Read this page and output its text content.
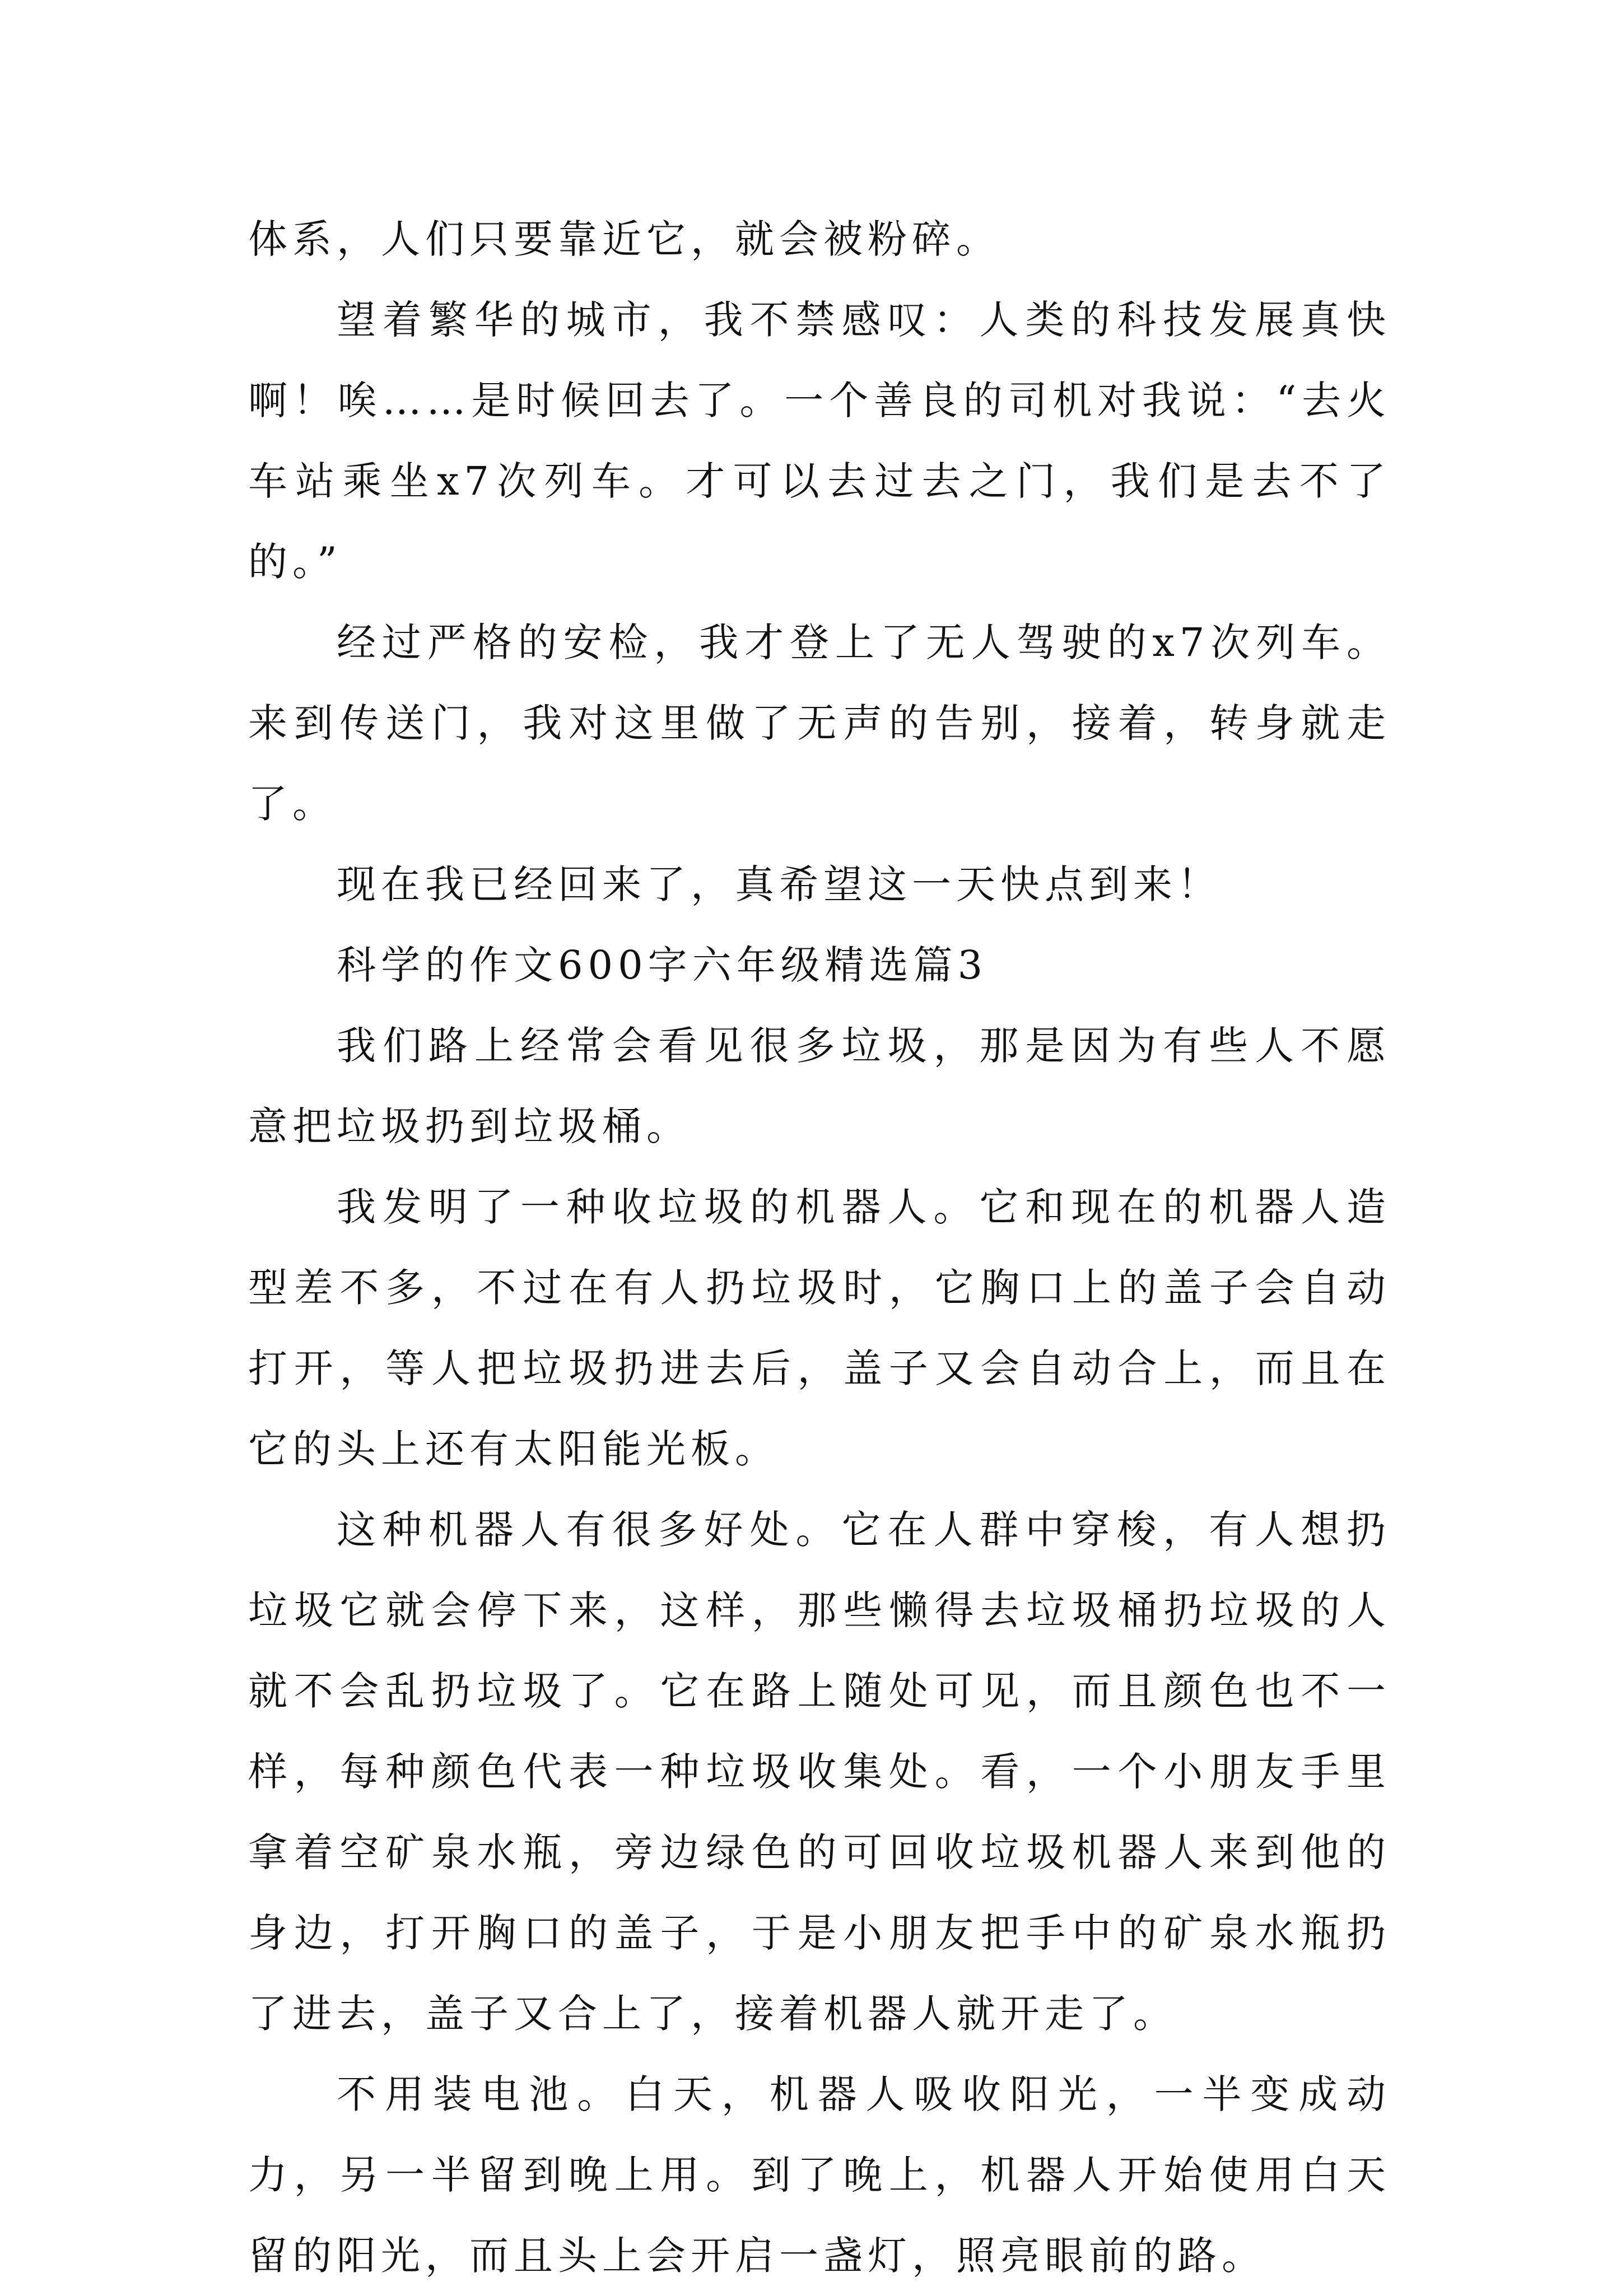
体系，人们只要靠近它，就会被粉碎。

望着繁华的城市，我不禁感叹：人类的科技发展真快啊！唉……是时候回去了。一个善良的司机对我说：“去火车站乘坐x7次列车。才可以去过去之门，我们是去不了的。”

经过严格的安检，我才登上了无人驾驶的x7次列车。来到传送门，我对这里做了无声的告别，接着，转身就走了。

现在我已经回来了，真希望这一天快点到来！

科学的作文600字六年级精选篇3

我们路上经常会看见很多垃圾，那是因为有些人不愿意把垃圾扔到垃圾桶。

我发明了一种收垃圾的机器人。它和现在的机器人造型差不多，不过在有人扔垃圾时，它胸口上的盖子会自动打开，等人把垃圾扔进去后，盖子又会自动合上，而且在它的头上还有太阳能光板。

这种机器人有很多好处。它在人群中穿梭，有人想扔垃圾它就会停下来，这样，那些懒得去垃圾桶扔垃圾的人就不会乱扔垃圾了。它在路上随处可见，而且颜色也不一样，每种颜色代表一种垃圾收集处。看，一个小朋友手里拿着空矿泉水瓶，旁边绿色的可回收垃圾机器人来到他的身边，打开胸口的盖子，于是小朋友把手中的矿泉水瓶扔了进去，盖子又合上了，接着机器人就开走了。

不用装电池。白天，机器人吸收阳光，一半变成动力，另一半留到晚上用。到了晚上，机器人开始使用白天留的阳光，而且头上会开启一盏灯，照亮眼前的路。
